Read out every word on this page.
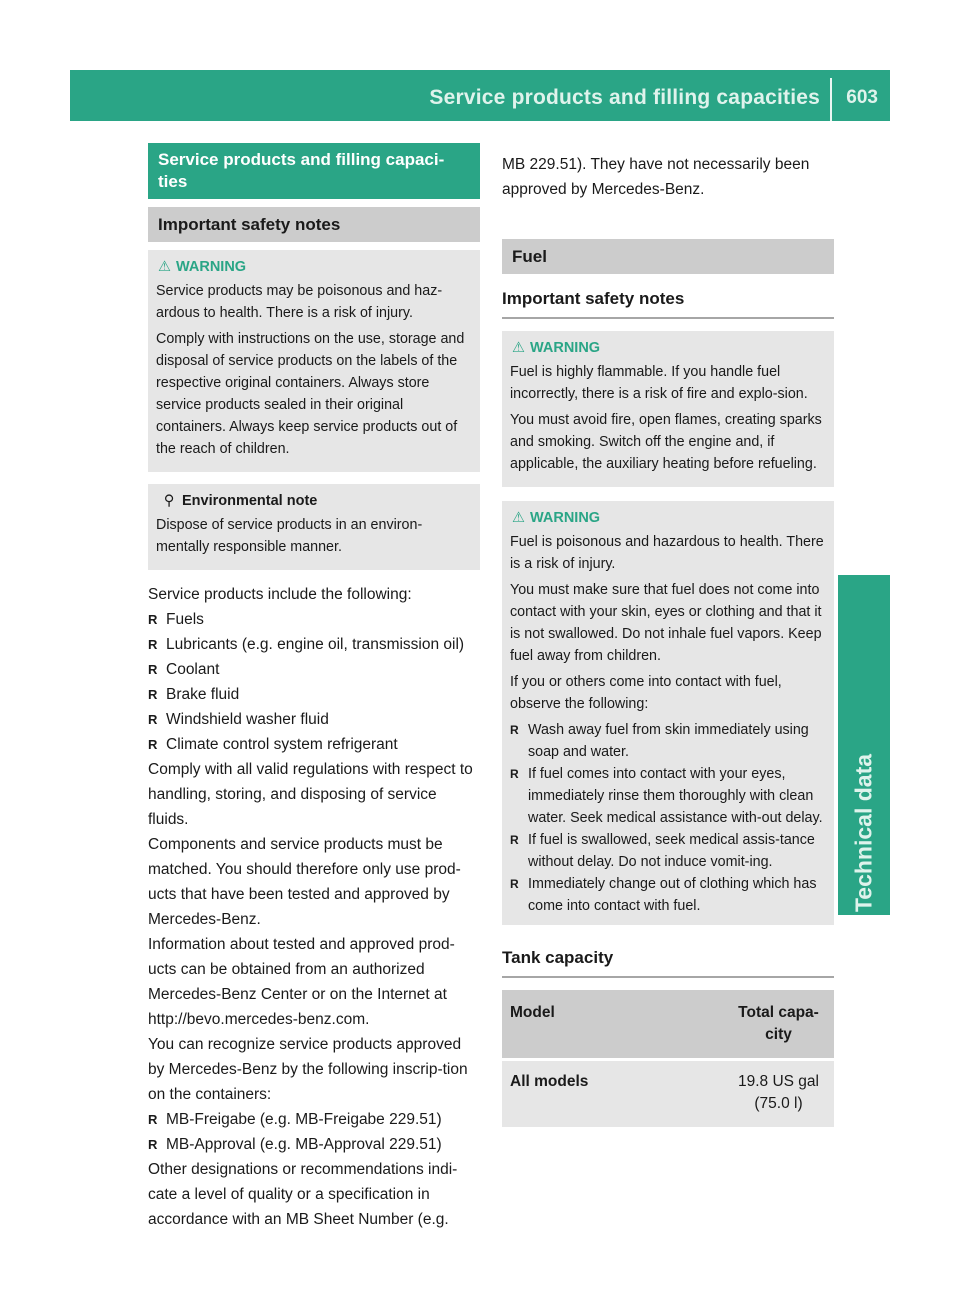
Service products and filling capacities 603
Technical data
Service products and filling capaci-
ties
Important safety notes
⚠ WARNING

Service products may be poisonous and haz-ardous to health. There is a risk of injury.

Comply with instructions on the use, storage and disposal of service products on the labels of the respective original containers. Always store service products sealed in their original containers. Always keep service products out of the reach of children.

⚲ Environmental note

Dispose of service products in an environ-mentally responsible manner.

Service products include the following:

R Fuels
R Lubricants (e.g. engine oil, transmission oil)
R Coolant
R Brake fluid
R Windshield washer fluid
R Climate control system refrigerant

Comply with all valid regulations with respect to handling, storing, and disposing of service fluids.

Components and service products must be matched. You should therefore only use prod-ucts that have been tested and approved by Mercedes-Benz.

Information about tested and approved prod-ucts can be obtained from an authorized Mercedes-Benz Center or on the Internet at http://bevo.mercedes-benz.com.

You can recognize service products approved by Mercedes-Benz by the following inscrip-tion on the containers:

R MB-Freigabe (e.g. MB-Freigabe 229.51)
R MB-Approval (e.g. MB-Approval 229.51)

Other designations or recommendations indi-cate a level of quality or a specification in accordance with an MB Sheet Number (e.g.

MB 229.51). They have not necessarily been approved by Mercedes-Benz.

Fuel
Important safety notes
⚠ WARNING

Fuel is highly flammable. If you handle fuel incorrectly, there is a risk of fire and explo-sion.

You must avoid fire, open flames, creating sparks and smoking. Switch off the engine and, if applicable, the auxiliary heating before refueling.

⚠ WARNING

Fuel is poisonous and hazardous to health. There is a risk of injury.

You must make sure that fuel does not come into contact with your skin, eyes or clothing and that it is not swallowed. Do not inhale fuel vapors. Keep fuel away from children.

If you or others come into contact with fuel, observe the following:

R Wash away fuel from skin immediately using soap and water.
R If fuel comes into contact with your eyes, immediately rinse them thoroughly with clean water. Seek medical assistance with-out delay.
R If fuel is swallowed, seek medical assis-tance without delay. Do not induce vomit-ing.
R Immediately change out of clothing which has come into contact with fuel.
Tank capacity
Model	Total capa-city
All models	19.8 US gal (75.0 l)
